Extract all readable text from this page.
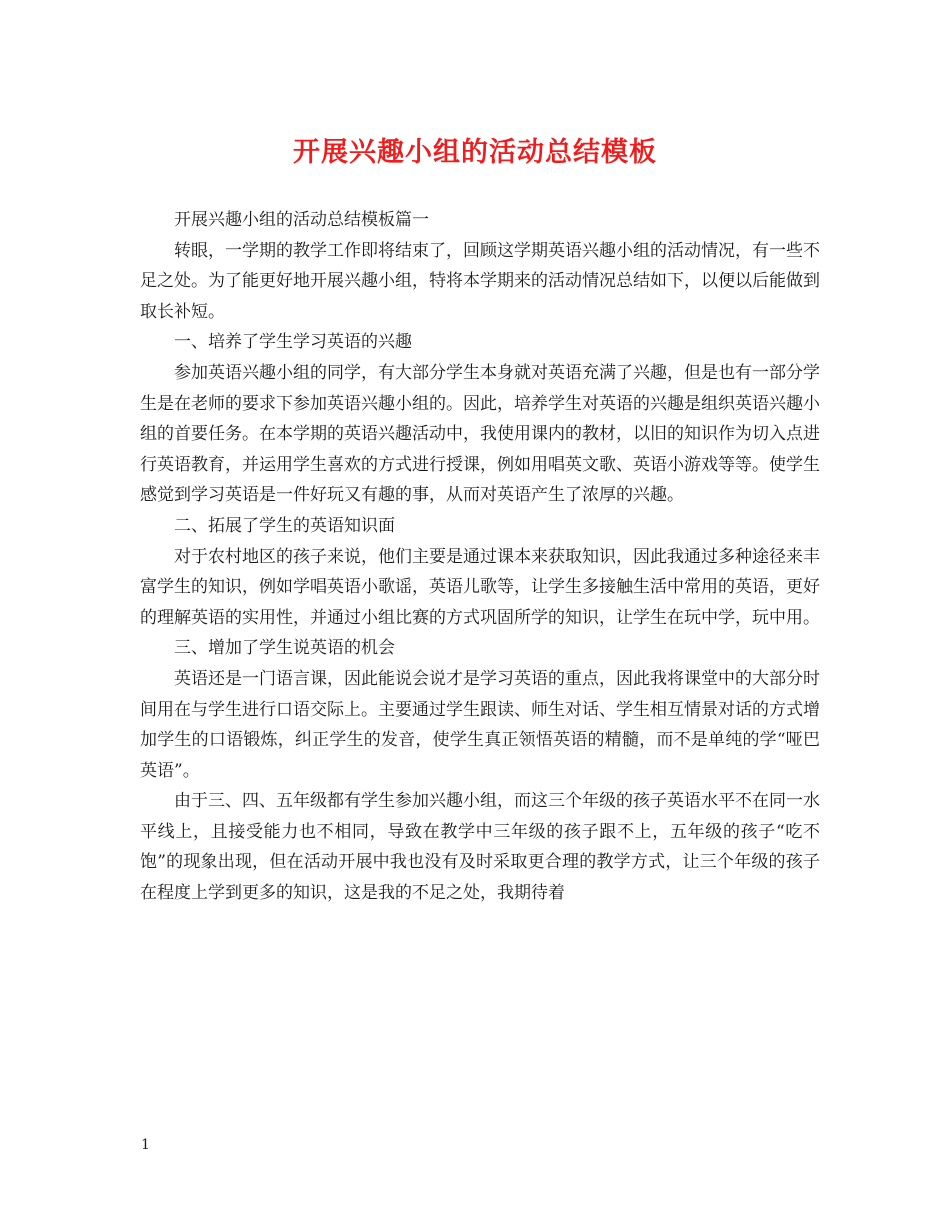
开展兴趣小组的活动总结模板

开展兴趣小组的活动总结模板篇一

转眼，一学期的教学工作即将结束了，回顾这学期英语兴趣小组的活动情况，有一些不足之处。为了能更好地开展兴趣小组，特将本学期来的活动情况总结如下，以便以后能做到取长补短。

一、培养了学生学习英语的兴趣

参加英语兴趣小组的同学，有大部分学生本身就对英语充满了兴趣，但是也有一部分学生是在老师的要求下参加英语兴趣小组的。因此，培养学生对英语的兴趣是组织英语兴趣小组的首要任务。在本学期的英语兴趣活动中，我使用课内的教材，以旧的知识作为切入点进行英语教育，并运用学生喜欢的方式进行授课，例如用唱英文歌、英语小游戏等等。使学生感觉到学习英语是一件好玩又有趣的事，从而对英语产生了浓厚的兴趣。

二、拓展了学生的英语知识面

对于农村地区的孩子来说，他们主要是通过课本来获取知识，因此我通过多种途径来丰富学生的知识，例如学唱英语小歌谣，英语儿歌等，让学生多接触生活中常用的英语，更好的理解英语的实用性，并通过小组比赛的方式巩固所学的知识，让学生在玩中学，玩中用。

三、增加了学生说英语的机会

英语还是一门语言课，因此能说会说才是学习英语的重点，因此我将课堂中的大部分时间用在与学生进行口语交际上。主要通过学生跟读、师生对话、学生相互情景对话的方式增加学生的口语锻炼，纠正学生的发音，使学生真正领悟英语的精髓，而不是单纯的学“哑巴英语”。

由于三、四、五年级都有学生参加兴趣小组，而这三个年级的孩子英语水平不在同一水平线上，且接受能力也不相同，导致在教学中三年级的孩子跟不上，五年级的孩子“吃不饱”的现象出现，但在活动开展中我也没有及时采取更合理的教学方式，让三个年级的孩子在程度上学到更多的知识，这是我的不足之处，我期待着

1
